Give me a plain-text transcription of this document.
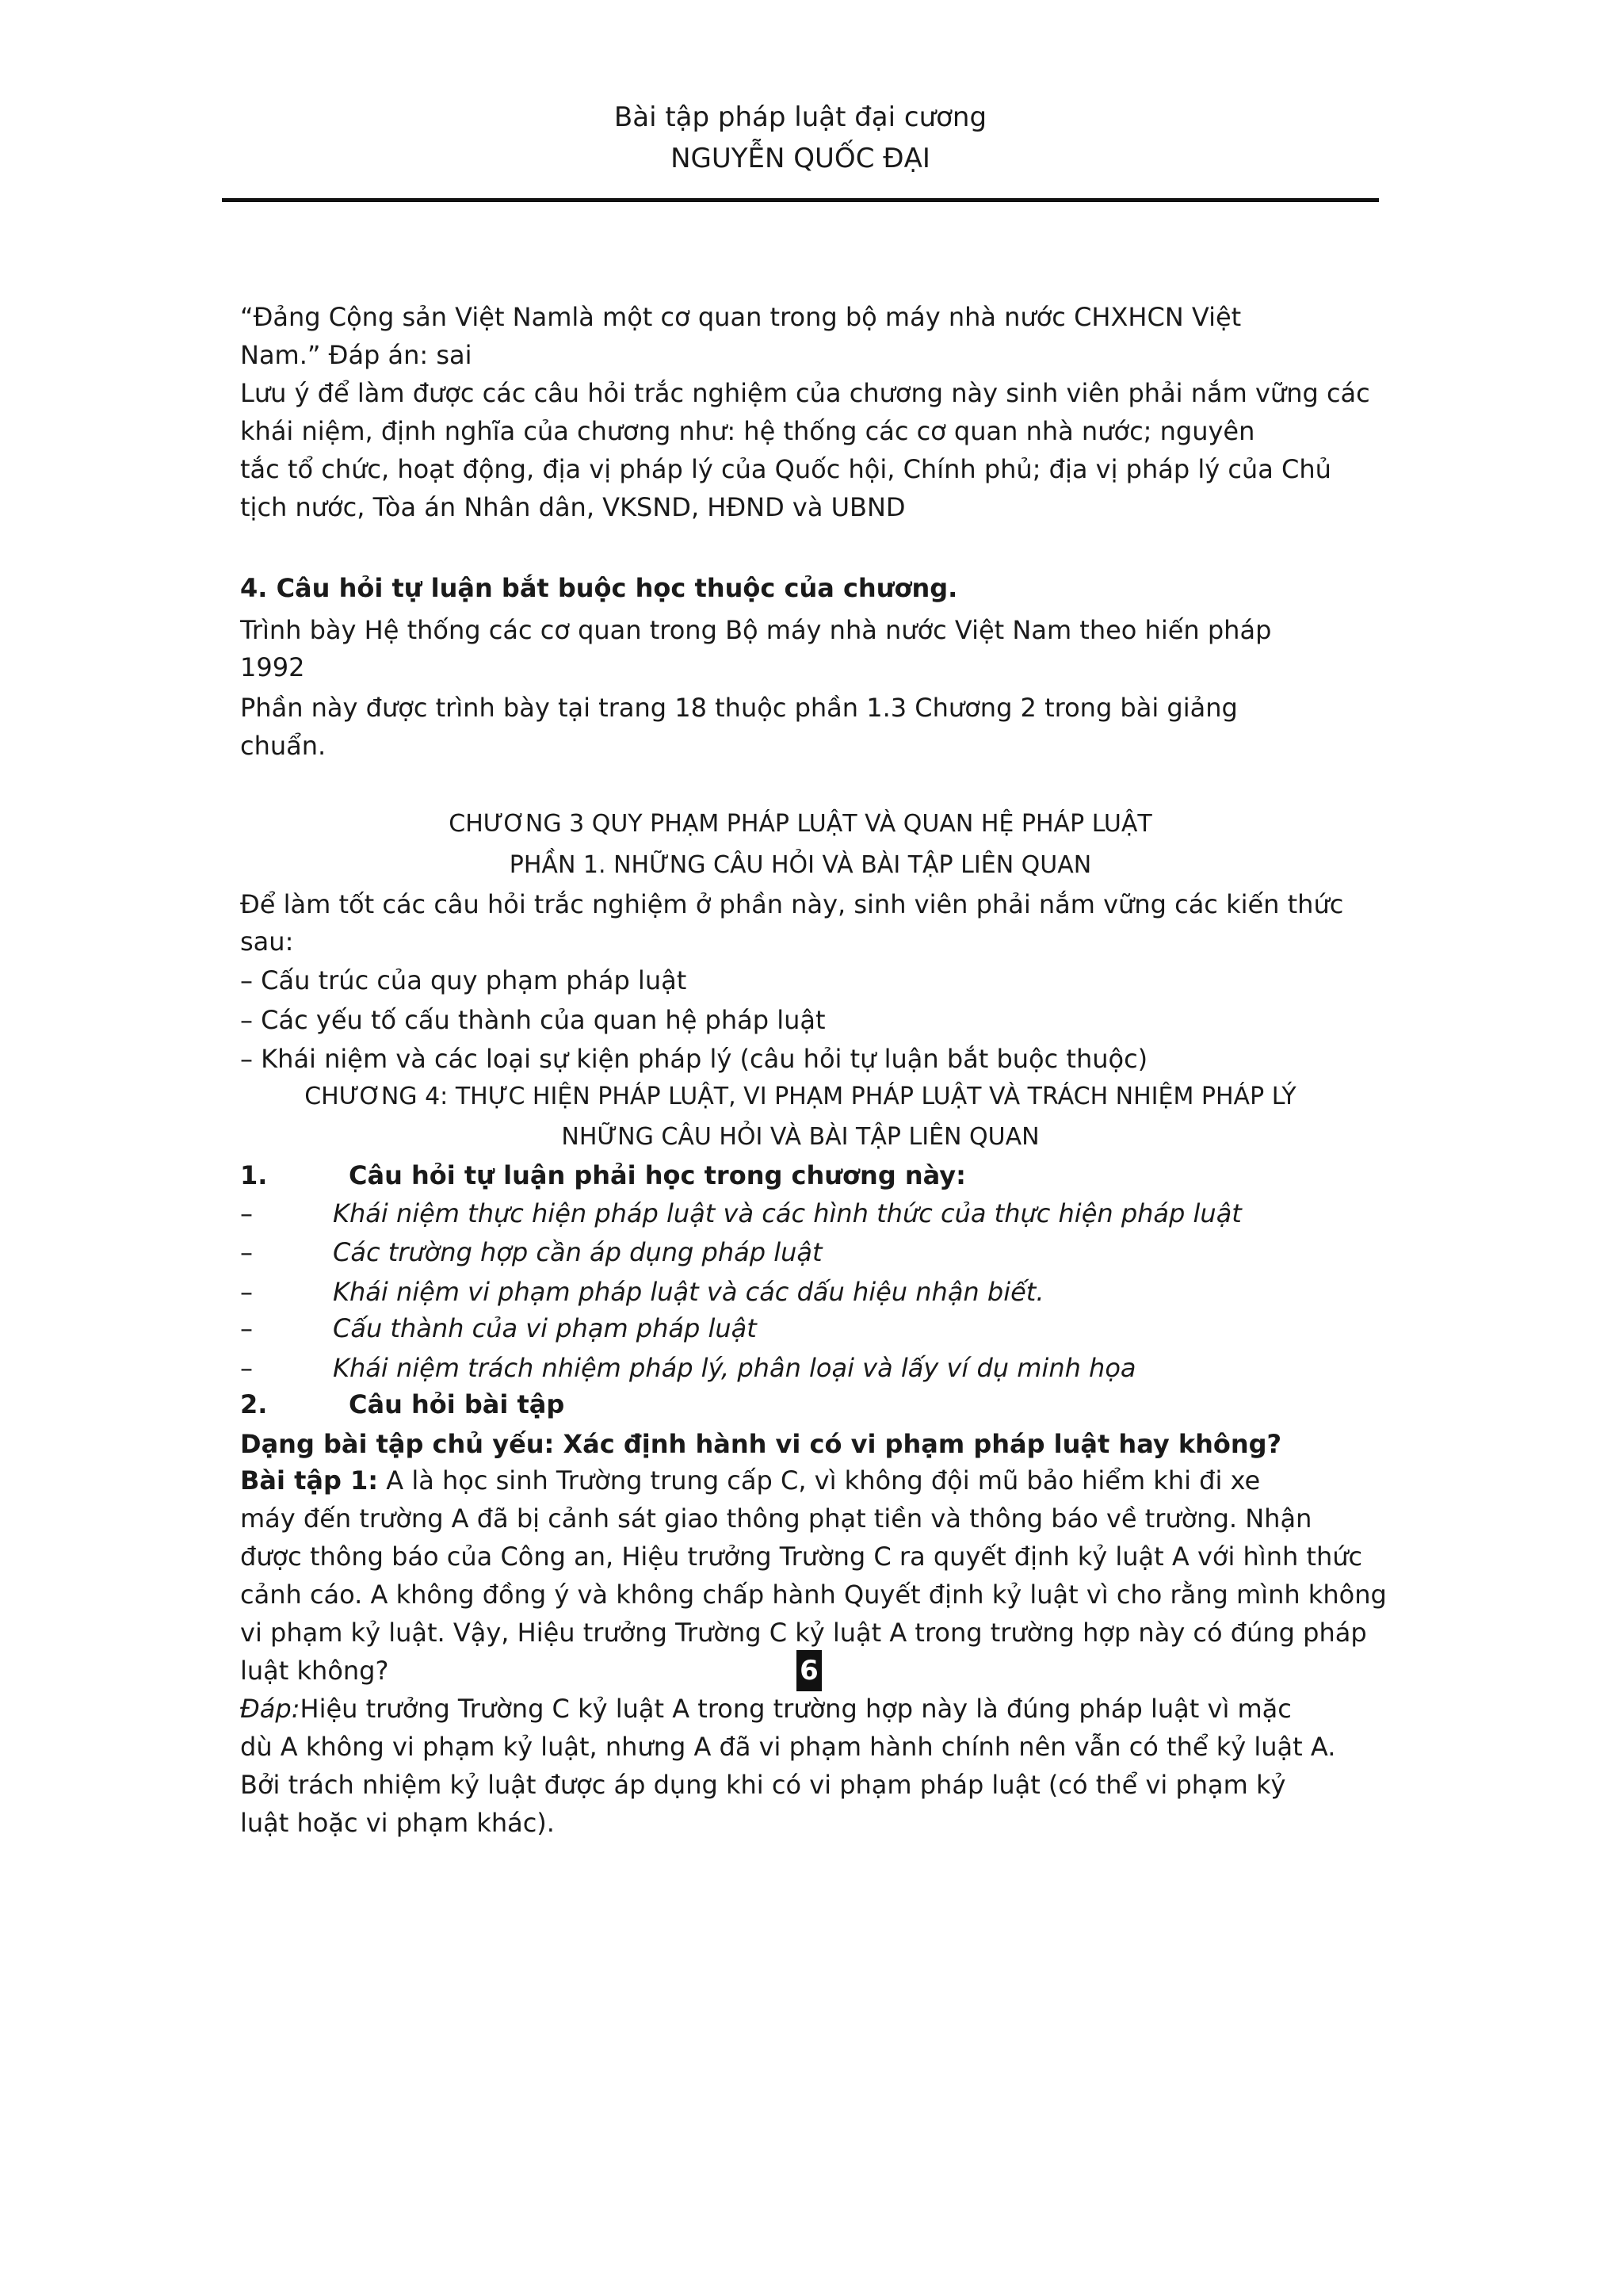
Bài tập pháp luật đại cương
NGUYỄN QUỐC ĐẠI
“Đảng Cộng sản Việt Namlà một cơ quan trong bộ máy nhà nước CHXHCN Việt
Nam.” Đáp án: sai
Lưu ý để làm được các câu hỏi trắc nghiệm của chương này sinh viên phải nắm vững các
khái niệm, định nghĩa của chương như: hệ thống các cơ quan nhà nước; nguyên
tắc tổ chức, hoạt động, địa vị pháp lý của Quốc hội, Chính phủ; địa vị pháp lý của Chủ
tịch nước, Tòa án Nhân dân, VKSND, HĐND và UBND
4. Câu hỏi tự luận bắt buộc học thuộc của chương.
Trình bày Hệ thống các cơ quan trong Bộ máy nhà nước Việt Nam theo hiến pháp
1992
Phần này được trình bày tại trang 18 thuộc phần 1.3 Chương 2 trong bài giảng
chuẩn.
CHƯƠNG 3 QUY PHẠM PHÁP LUẬT VÀ QUAN HỆ PHÁP LUẬT
PHẦN 1. NHỮNG CÂU HỎI VÀ BÀI TẬP LIÊN QUAN
Để làm tốt các câu hỏi trắc nghiệm ở phần này, sinh viên phải nắm vững các kiến thức
sau:
– Cấu trúc của quy phạm pháp luật
– Các yếu tố cấu thành của quan hệ pháp luật
– Khái niệm và các loại sự kiện pháp lý (câu hỏi tự luận bắt buộc thuộc)
CHƯƠNG 4: THỰC HIỆN PHÁP LUẬT, VI PHẠM PHÁP LUẬT VÀ TRÁCH NHIỆM PHÁP LÝ
NHỮNG CÂU HỎI VÀ BÀI TẬP LIÊN QUAN
1.	Câu hỏi tự luận phải học trong chương này:
–	Khái niệm thực hiện pháp luật và các hình thức của thực hiện pháp luật
–	Các trường hợp cần áp dụng pháp luật
–	Khái niệm vi phạm pháp luật và các dấu hiệu nhận biết.
–	Cấu thành của vi phạm pháp luật
–	Khái niệm trách nhiệm pháp lý, phân loại và lấy ví dụ minh họa
2.	Câu hỏi bài tập
Dạng bài tập chủ yếu: Xác định hành vi có vi phạm pháp luật hay không?
Bài tập 1: A là học sinh Trường trung cấp C, vì không đội mũ bảo hiểm khi đi xe
máy đến trường A đã bị cảnh sát giao thông phạt tiền và thông báo về trường. Nhận
được thông báo của Công an, Hiệu trưởng Trường C ra quyết định kỷ luật A với hình thức
cảnh cáo. A không đồng ý và không chấp hành Quyết định kỷ luật vì cho rằng mình không
vi phạm kỷ luật. Vậy, Hiệu trưởng Trường C kỷ luật A trong trường hợp này có đúng pháp
luật không?
Đáp:Hiệu trưởng Trường C kỷ luật A trong trường hợp này là đúng pháp luật vì mặc
dù A không vi phạm kỷ luật, nhưng A đã vi phạm hành chính nên vẫn có thể kỷ luật A.
Bởi trách nhiệm kỷ luật được áp dụng khi có vi phạm pháp luật (có thể vi phạm kỷ
luật hoặc vi phạm khác).
6
